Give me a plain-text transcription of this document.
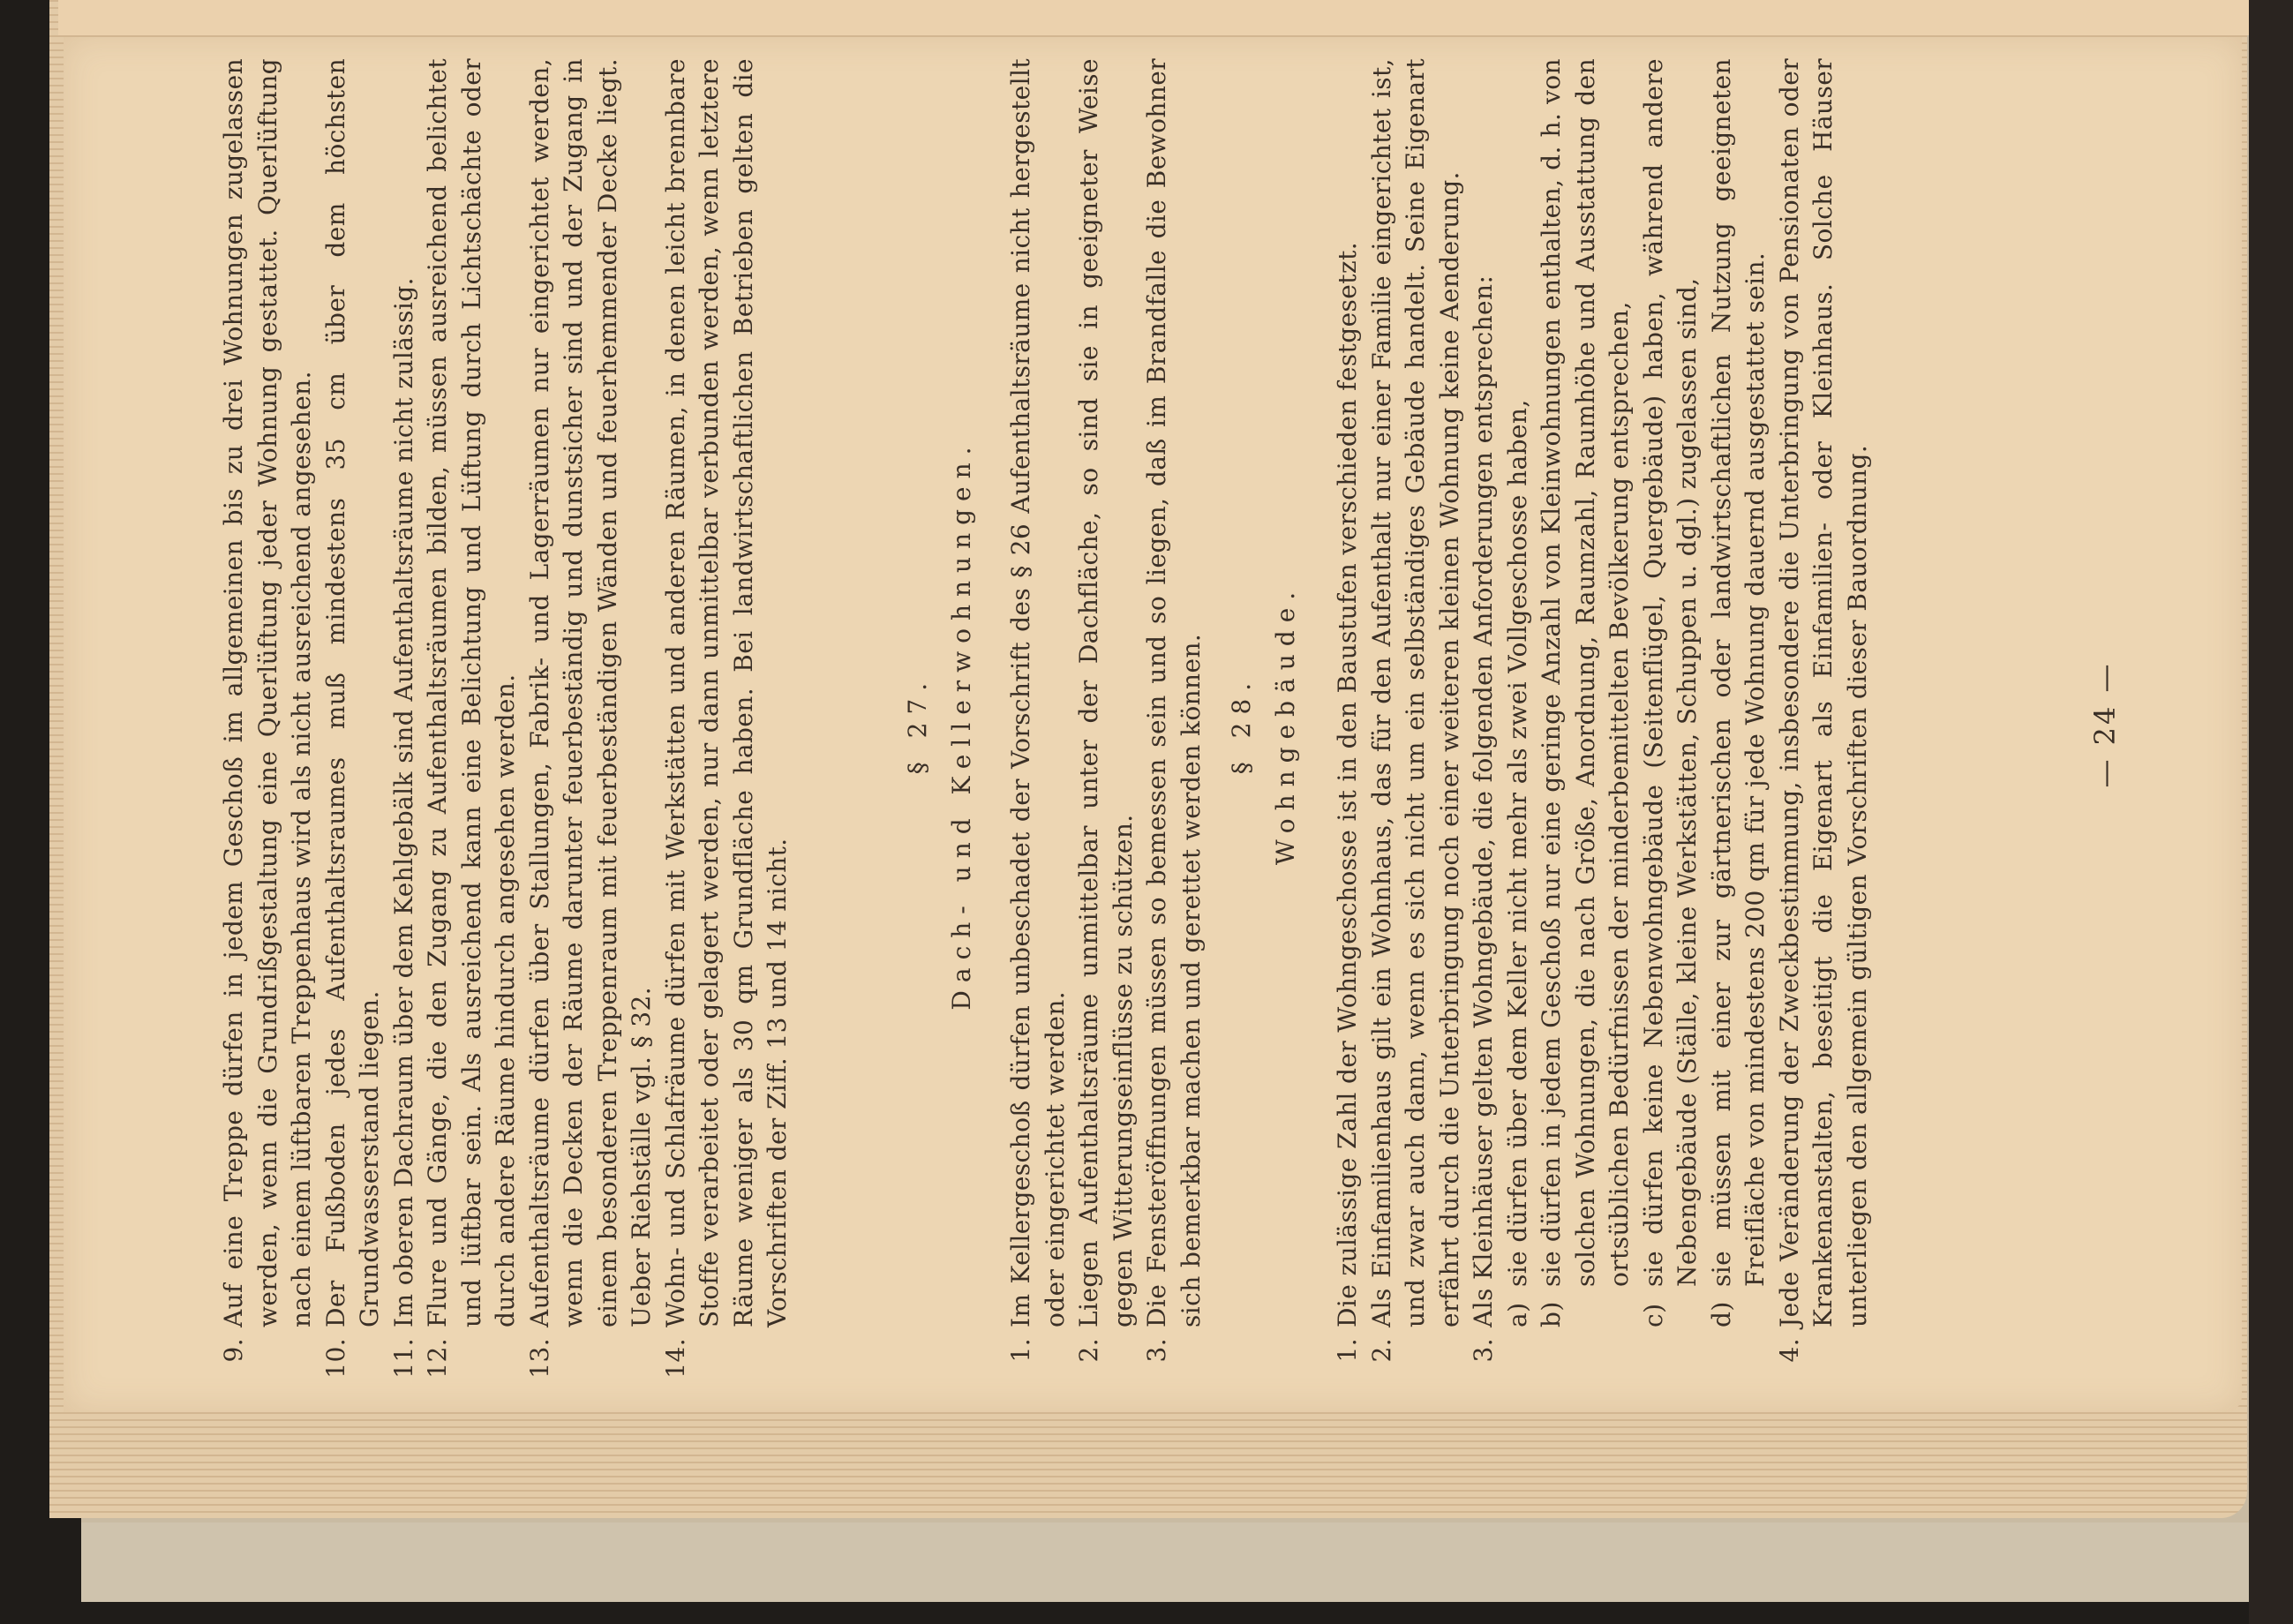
9.
Auf eine Treppe dürfen in jedem Geschoß im allgemeinen bis zu drei Wohnungen zugelassen werden, wenn die Grundrißgestaltung eine Querlüftung jeder Wohnung gestattet. Querlüftung nach einem lüftbaren Treppenhaus wird als nicht ausreichend angesehen.
10.
Der Fußboden jedes Aufenthaltsraumes muß mindestens 35 cm über dem höchsten Grundwasserstand liegen.
11.
Im oberen Dachraum über dem Kehlgebälk sind Aufenthaltsräume nicht zulässig.
12.
Flure und Gänge, die den Zugang zu Aufenthaltsräumen bilden, müssen ausreichend belichtet und lüftbar sein. Als ausreichend kann eine Belichtung und Lüftung durch Lichtschächte oder durch andere Räume hindurch angesehen werden.
13.
Aufenthaltsräume dürfen über Stallungen, Fabrik- und Lagerräumen nur eingerichtet werden, wenn die Decken der Räume darunter feuerbeständig und dunstsicher sind und der Zugang in einem besonderen Treppenraum mit feuerbeständigen Wänden und feuerhemmender Decke liegt. Ueber Riehställe vgl. § 32.
14.
Wohn- und Schlafräume dürfen mit Werkstätten und anderen Räumen, in denen leicht brennbare Stoffe verarbeitet oder gelagert werden, nur dann unmittelbar verbunden werden, wenn letztere Räume weniger als 30 qm Grundfläche haben. Bei landwirtschaftlichen Betrieben gelten die Vorschriften der Ziff. 13 und 14 nicht.
§ 27. Dach- und Kellerwohnungen.
1.
Im Kellergeschoß dürfen unbeschadet der Vorschrift des § 26 Aufenthaltsräume nicht hergestellt oder eingerichtet werden.
2.
Liegen Aufenthaltsräume unmittelbar unter der Dachfläche, so sind sie in geeigneter Weise gegen Witterungseinflüsse zu schützen.
3.
Die Fensteröffnungen müssen so bemessen sein und so liegen, daß im Brandfalle die Bewohner sich bemerkbar machen und gerettet werden können. § 28. Wohngebäude.
1.
Die zulässige Zahl der Wohngeschosse ist in den Baustufen verschieden festgesetzt.
2.
Als Einfamilienhaus gilt ein Wohnhaus, das für den Aufenthalt nur einer Familie eingerichtet ist, und zwar auch dann, wenn es sich nicht um ein selbständiges Gebäude handelt. Seine Eigenart erfährt durch die Unterbringung noch einer weiteren kleinen Wohnung keine Aenderung.
3.
Als Kleinhäuser gelten Wohngebäude, die folgenden Anforderungen entsprechen: a)
sie dürfen über dem Keller nicht mehr als zwei Vollgeschosse haben,
b)
sie dürfen in jedem Geschoß nur eine geringe Anzahl von Kleinwohnungen enthalten, d. h. von solchen Wohnungen, die nach Größe, Anordnung, Raumzahl, Raumhöhe und Ausstattung den ortsüblichen Bedürfnissen der minderbemittelten Bevölkerung entsprechen,
c)
sie dürfen keine Nebenwohngebäude (Seitenflügel, Quergebäude) haben, während andere Nebengebäude (Ställe, kleine Werkstätten, Schuppen u. dgl.) zugelassen sind,
d)
sie müssen mit einer zur gärtnerischen oder landwirtschaftlichen Nutzung geeigneten Freifläche von mindestens 200 qm für jede Wohnung dauernd ausgestattet sein.
4.
Jede Veränderung der Zweckbestimmung, insbesondere die Unterbringung von Pensionaten oder Krankenanstalten, beseitigt die Eigenart als Einfamilien- oder Kleinhaus. Solche Häuser unterliegen den allgemein gültigen Vorschriften dieser Bauordnung.	— 24 —
